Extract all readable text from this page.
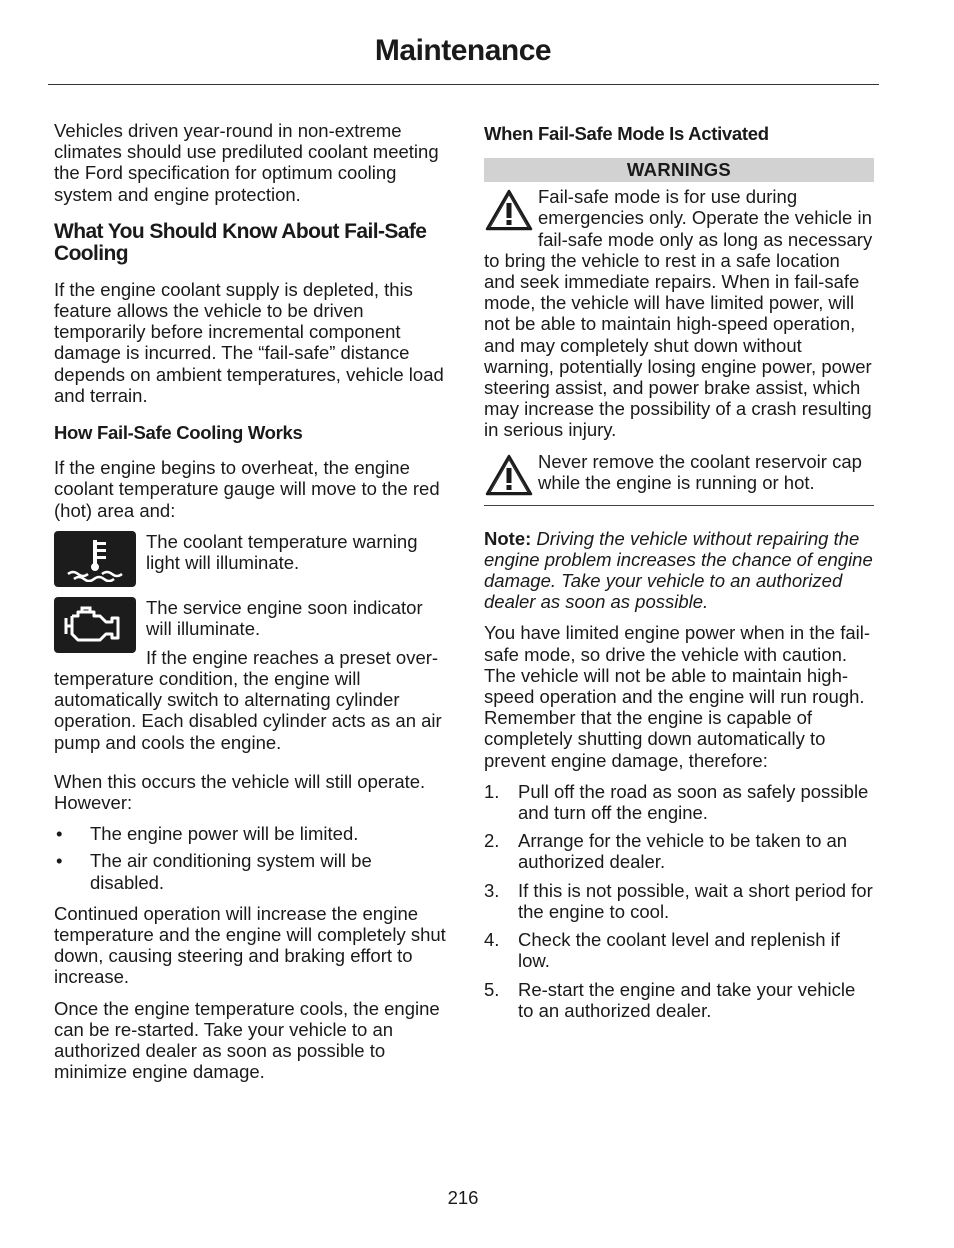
Maintenance

Vehicles driven year-round in non-extreme climates should use prediluted coolant meeting the Ford specification for optimum cooling system and engine protection.

What You Should Know About Fail-Safe Cooling

If the engine coolant supply is depleted, this feature allows the vehicle to be driven temporarily before incremental component damage is incurred. The “fail-safe” distance depends on ambient temperatures, vehicle load and terrain.

How Fail-Safe Cooling Works

If the engine begins to overheat, the engine coolant temperature gauge will move to the red (hot) area and:

The coolant temperature warning light will illuminate.

The service engine soon indicator will illuminate.

If the engine reaches a preset over-temperature condition, the engine will automatically switch to alternating cylinder operation. Each disabled cylinder acts as an air pump and cools the engine.

When this occurs the vehicle will still operate. However:

•	The engine power will be limited.
•	The air conditioning system will be disabled.

Continued operation will increase the engine temperature and the engine will completely shut down, causing steering and braking effort to increase.

Once the engine temperature cools, the engine can be re-started. Take your vehicle to an authorized dealer as soon as possible to minimize engine damage.

When Fail-Safe Mode Is Activated

WARNINGS

Fail-safe mode is for use during emergencies only. Operate the vehicle in fail-safe mode only as long as necessary to bring the vehicle to rest in a safe location and seek immediate repairs. When in fail-safe mode, the vehicle will have limited power, will not be able to maintain high-speed operation, and may completely shut down without warning, potentially losing engine power, power steering assist, and power brake assist, which may increase the possibility of a crash resulting in serious injury.

Never remove the coolant reservoir cap while the engine is running or hot.

Note: Driving the vehicle without repairing the engine problem increases the chance of engine damage. Take your vehicle to an authorized dealer as soon as possible.

You have limited engine power when in the fail-safe mode, so drive the vehicle with caution. The vehicle will not be able to maintain high-speed operation and the engine will run rough. Remember that the engine is capable of completely shutting down automatically to prevent engine damage, therefore:

1.	Pull off the road as soon as safely possible and turn off the engine.
2.	Arrange for the vehicle to be taken to an authorized dealer.
3.	If this is not possible, wait a short period for the engine to cool.
4.	Check the coolant level and replenish if low.
5.	Re-start the engine and take your vehicle to an authorized dealer.
216
